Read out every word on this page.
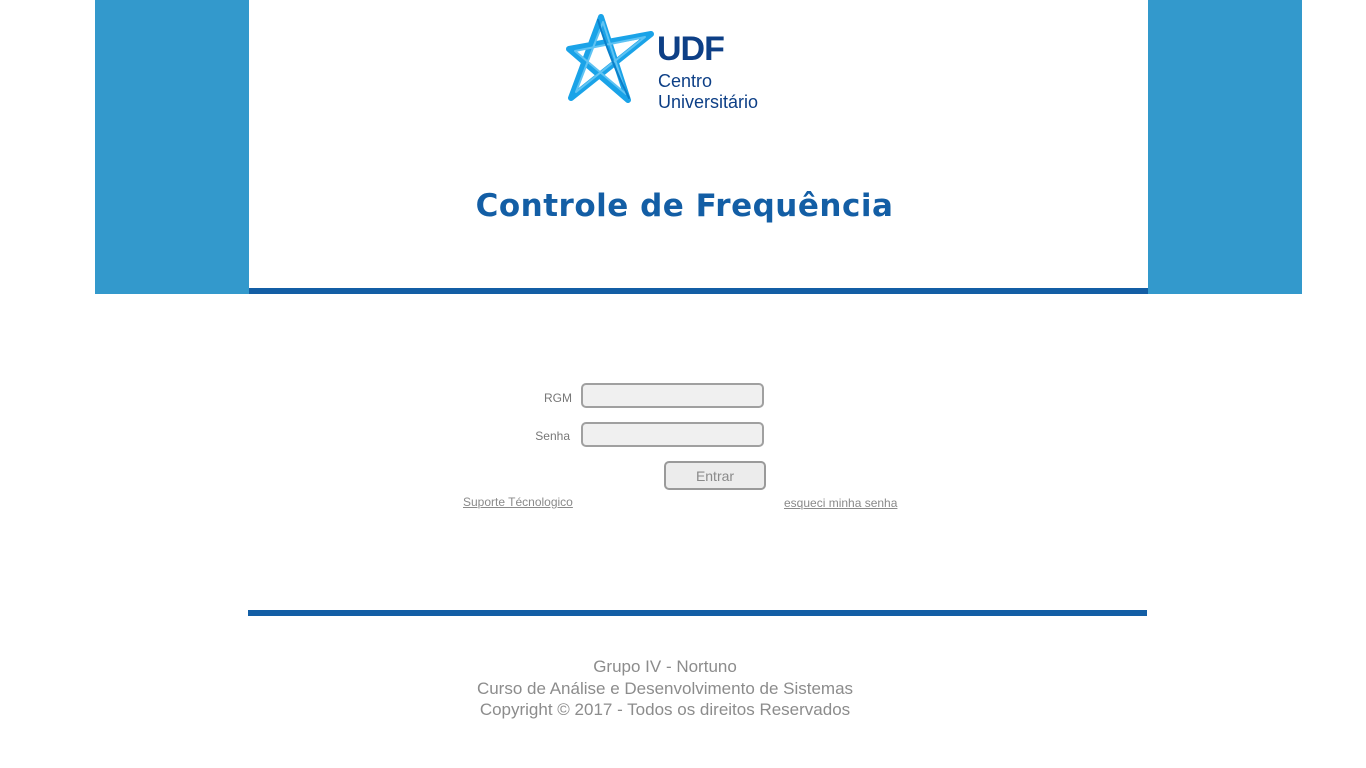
UDF
Centro
Universitário
Controle de Frequência
RGM
Senha
Entrar
Suporte Técnologico	esqueci minha senha
Grupo IV - Nortuno
Curso de Análise e Desenvolvimento de Sistemas
Copyright © 2017 - Todos os direitos Reservados
